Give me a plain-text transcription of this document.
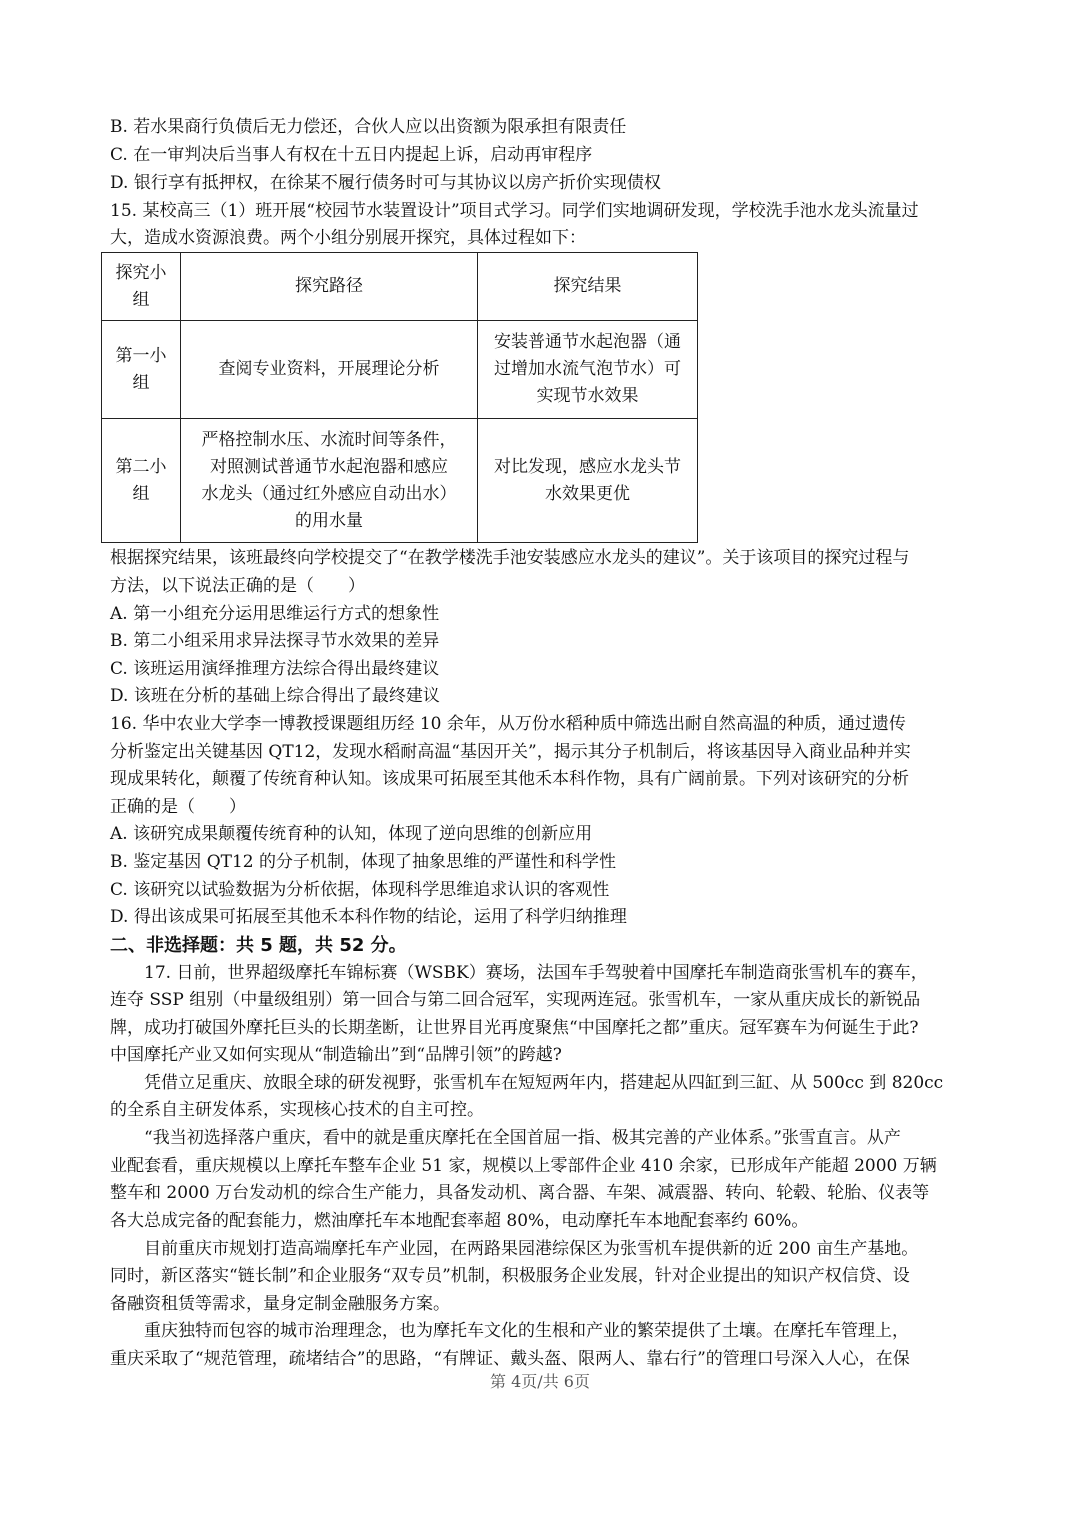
B. 若水果商行负债后无力偿还，合伙人应以出资额为限承担有限责任
C. 在一审判决后当事人有权在十五日内提起上诉，启动再审程序
D. 银行享有抵押权，在徐某不履行债务时可与其协议以房产折价实现债权
15. 某校高三（1）班开展“校园节水装置设计”项目式学习。同学们实地调研发现，学校洗手池水龙头流量过
大，造成水资源浪费。两个小组分别展开探究，具体过程如下：
探究小
组	探究路径	探究结果
第一小
组	查阅专业资料，开展理论分析	安装普通节水起泡器（通
过增加水流气泡节水）可
实现节水效果
第二小
组	严格控制水压、水流时间等条件，
对照测试普通节水起泡器和感应
水龙头（通过红外感应自动出水）
的用水量	对比发现，感应水龙头节
水效果更优
根据探究结果，该班最终向学校提交了“在教学楼洗手池安装感应水龙头的建议”。关于该项目的探究过程与
方法，以下说法正确的是（　　）
A. 第一小组充分运用思维运行方式的想象性
B. 第二小组采用求异法探寻节水效果的差异
C. 该班运用演绎推理方法综合得出最终建议
D. 该班在分析的基础上综合得出了最终建议
16. 华中农业大学李一博教授课题组历经 10 余年，从万份水稻种质中筛选出耐自然高温的种质，通过遗传
分析鉴定出关键基因 QT12，发现水稻耐高温“基因开关”，揭示其分子机制后，将该基因导入商业品种并实
现成果转化，颠覆了传统育种认知。该成果可拓展至其他禾本科作物，具有广阔前景。下列对该研究的分析
正确的是（　　）
A. 该研究成果颠覆传统育种的认知，体现了逆向思维的创新应用
B. 鉴定基因 QT12 的分子机制，体现了抽象思维的严谨性和科学性
C. 该研究以试验数据为分析依据，体现科学思维追求认识的客观性
D. 得出该成果可拓展至其他禾本科作物的结论，运用了科学归纳推理
二、非选择题：共 5 题，共 52 分。
17. 日前，世界超级摩托车锦标赛（WSBK）赛场，法国车手驾驶着中国摩托车制造商张雪机车的赛车，
连夺 SSP 组别（中量级组别）第一回合与第二回合冠军，实现两连冠。张雪机车，一家从重庆成长的新锐品
牌，成功打破国外摩托巨头的长期垄断，让世界目光再度聚焦“中国摩托之都”重庆。冠军赛车为何诞生于此?
中国摩托产业又如何实现从“制造输出”到“品牌引领”的跨越?
凭借立足重庆、放眼全球的研发视野，张雪机车在短短两年内，搭建起从四缸到三缸、从 500cc 到 820cc
的全系自主研发体系，实现核心技术的自主可控。
“我当初选择落户重庆，看中的就是重庆摩托在全国首屈一指、极其完善的产业体系。”张雪直言。从产
业配套看，重庆规模以上摩托车整车企业 51 家，规模以上零部件企业 410 余家，已形成年产能超 2000 万辆
整车和 2000 万台发动机的综合生产能力，具备发动机、离合器、车架、减震器、转向、轮毂、轮胎、仪表等
各大总成完备的配套能力，燃油摩托车本地配套率超 80%，电动摩托车本地配套率约 60%。
目前重庆市规划打造高端摩托车产业园，在两路果园港综保区为张雪机车提供新的近 200 亩生产基地。
同时，新区落实“链长制”和企业服务“双专员”机制，积极服务企业发展，针对企业提出的知识产权信贷、设
备融资租赁等需求，量身定制金融服务方案。
重庆独特而包容的城市治理理念，也为摩托车文化的生根和产业的繁荣提供了土壤。在摩托车管理上，
重庆采取了“规范管理，疏堵结合”的思路，“有牌证、戴头盔、限两人、靠右行”的管理口号深入人心，在保
第 4页/共 6页
